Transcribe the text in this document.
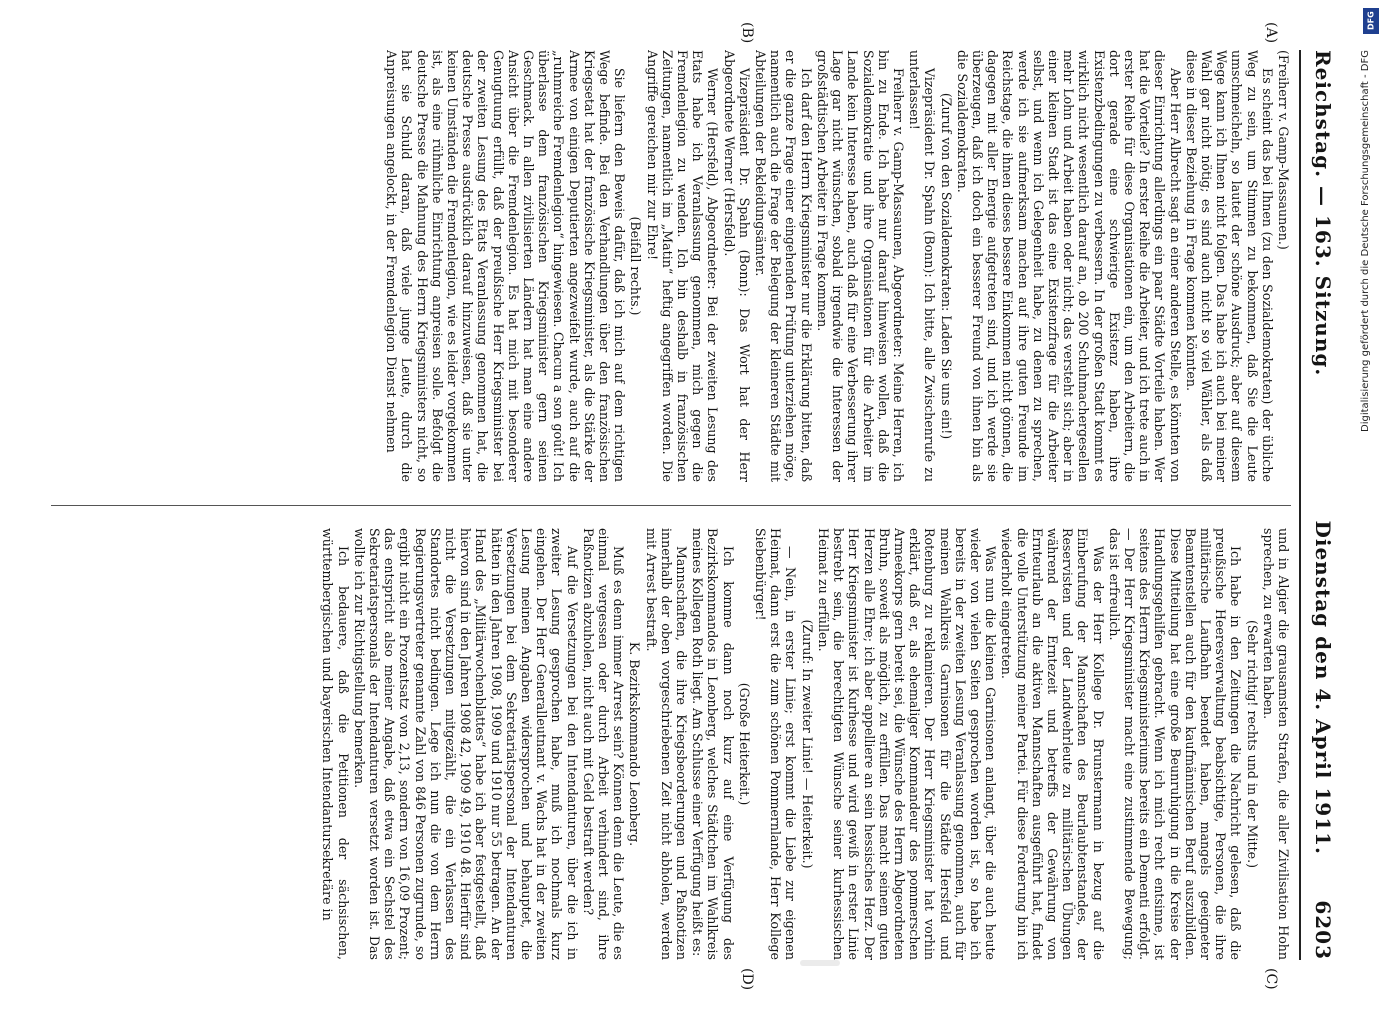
Reichstag. — 163. Sitzung.
Dienstag den 4. April 1911.
6203
(A)
(B)
(C)
(D)

(Freiherr v. Gamp-Massaunen.)

Es scheint das bei Ihnen (zu den Sozialdemokraten) der übliche Weg zu sein, um Stimmen zu bekommen, daß Sie die Leute umschmeicheln, so lautet der schöne Ausdruck; aber auf diesem Wege kann ich Ihnen nicht folgen. Das habe ich auch bei meiner Wahl gar nicht nötig; es sind auch nicht so viel Wähler, als daß diese in dieser Beziehung in Frage kommen könnten.

Aber Herr Albrecht sagt an einer anderen Stelle, es könnten von dieser Einrichtung allerdings ein paar Städte Vorteile haben. Wer hat die Vorteile? In erster Reihe die Arbeiter, und ich trete auch in erster Reihe für diese Organisationen ein, um den Arbeitern, die dort gerade eine schwierige Existenz haben, ihre Existenzbedingungen zu verbessern. In der großen Stadt kommt es wirklich nicht wesentlich darauf an, ob 200 Schuhmachergesellen mehr Lohn und Arbeit haben oder nicht; das versteht sich; aber in einer kleinen Stadt ist das eine Existenzfrage für die Arbeiter selbst, und wenn ich Gelegenheit habe, zu denen zu sprechen, werde ich sie aufmerksam machen auf ihre guten Freunde im Reichstage, die ihnen dieses bessere Einkommen nicht gönnen, die dagegen mit aller Energie aufgetreten sind, und ich werde sie überzeugen, daß ich doch ein besserer Freund von ihnen bin als die Sozialdemokraten.

(Zuruf von den Sozialdemokraten: Laden Sie uns ein!)

Vizepräsident Dr. Spahn (Bonn): Ich bitte, alle Zwischenrufe zu unterlassen!

Freiherr v. Gamp-Massaunen, Abgeordneter: Meine Herren, ich bin zu Ende. Ich habe nur darauf hinweisen wollen, daß die Sozialdemokratie und ihre Organisationen für die Arbeiter im Lande kein Interesse haben, auch daß für eine Verbesserung ihrer Lage gar nicht wünschen, sobald irgendwie die Interessen der großstädtischen Arbeiter in Frage kommen.

Ich darf den Herrn Kriegsminister nur die Erklärung bitten, daß er die ganze Frage einer eingehenden Prüfung unterziehen möge, namentlich auch die Frage der Belegung der kleineren Städte mit Abteilungen der Bekleidungsämter.

Vizepräsident Dr. Spahn (Bonn): Das Wort hat der Herr Abgeordnete Werner (Hersfeld).

Werner (Hersfeld), Abgeordneter: Bei der zweiten Lesung des Etats habe ich Veranlassung genommen, mich gegen die Fremdenlegion zu wenden. Ich bin deshalb in französischen Zeitungen, namentlich im „Matin“ heftig angegriffen worden. Die Angriffe gereichen mir zur Ehre!

(Beifall rechts.)

Sie liefern den Beweis dafür, daß ich mich auf dem richtigen Wege befinde. Bei den Verhandlungen über den französischen Kriegsetat hat der französische Kriegsminister, als die Stärke der Armee von einigen Deputierten angezweifelt wurde, auch auf die „ruhmreiche Fremdenlegion“ hingewiesen. Chacun a son goût! Ich überlasse dem französischen Kriegsminister gern seinen Geschmack. In allen zivilisierten Ländern hat man eine andere Ansicht über die Fremdenlegion. Es hat mich mit besonderer Genugtuung erfüllt, daß der preußische Herr Kriegsminister bei der zweiten Lesung des Etats Veranlassung genommen hat, die deutsche Presse ausdrücklich darauf hinzuweisen, daß sie unter keinen Umständen die Fremdenlegion, wie es leider vorgekommen ist, als eine rühmliche Einrichtung anpreisen solle. Befolgt die deutsche Presse die Mahnung des Herrn Kriegsministers nicht, so hat sie Schuld daran, daß viele junge Leute, durch die Anpreisungen angelockt, in der Fremdenlegion Dienst nehmen

und in Algier die grausamsten Strafen, die aller Zivilisation Hohn sprechen, zu erwarten haben.

(Sehr richtig! rechts und in der Mitte.)

Ich habe in den Zeitungen die Nachricht gelesen, daß die preußische Heeresverwaltung beabsichtige, Personen, die ihre militärische Laufbahn beendet haben, mangels geeigneter Beamtenstellen auch für den kaufmännischen Beruf auszubilden. Diese Mitteilung hat eine große Beunruhigung in die Kreise der Handlungsgehilfen gebracht. Wenn ich mich recht entsinne, ist seitens des Herrn Kriegsministeriums bereits ein Dementi erfolgt. — Der Herr Kriegsminister macht eine zustimmende Bewegung; das ist erfreulich.

Was der Herr Kollege Dr. Brunstermann in bezug auf die Einberufung der Mannschaften des Beurlaubtenstandes, der Reservisten und der Landwehrleute zu militärischen Übungen während der Erntezeit und betreffs der Gewährung von Ernteurlaub an die aktiven Mannschaften ausgeführt hat, findet die volle Unterstützung meiner Partei. Für diese Forderung bin ich wiederholt eingetreten.

Was nun die kleinen Garnisonen anlangt, über die auch heute wieder von vielen Seiten gesprochen worden ist, so habe ich bereits in der zweiten Lesung Veranlassung genommen, auch für meinen Wahlkreis Garnisonen für die Städte Hersfeld und Rotenburg zu reklamieren. Der Herr Kriegsminister hat vorhin erklärt, daß er, als ehemaliger Kommandeur des pommerschen Armeekorps gern bereit sei, die Wünsche des Herrn Abgeordneten Bruhn, soweit als möglich, zu erfüllen. Das macht seinem guten Herzen alle Ehre; ich aber appelliere an sein hessisches Herz. Der Herr Kriegsminister ist Kurhesse und wird gewiß in erster Linie bestrebt sein, die berechtigten Wünsche seiner kurhessischen Heimat zu erfüllen.

(Zuruf: In zweiter Linie! — Heiterkeit.)

— Nein, in erster Linie; erst kommt die Liebe zur eigenen Heimat, dann erst die zum schönen Pommernlande, Herr Kollege Siebenbürger!

(Große Heiterkeit.)

Ich komme dann noch kurz auf eine Verfügung des Bezirkskommandos in Leonberg, welches Städtchen im Wahlkreis meines Kollegen Roth liegt. Am Schlusse einer Verfügung heißt es:

Mannschaften, die ihre Kriegsbeorderungen und Paßnotizen innerhalb der oben vorgeschriebenen Zeit nicht abholen, werden mit Arrest bestraft.

K. Bezirkskommando Leonberg.

Muß es denn immer Arrest sein? Können denn die Leute, die es einmal vergessen oder durch Arbeit verhindert sind, ihre Paßnotizen abzuholen, nicht auch mit Geld bestraft werden?

Auf die Versetzungen bei den Intendanturen, über die ich in zweiter Lesung gesprochen habe, muß ich nochmals kurz eingehen. Der Herr Generalleutnant v. Wachs hat in der zweiten Lesung meinen Angaben widersprochen und behauptet, die Versetzungen bei dem Sekretariatspersonal der Intendanturen hätten in den Jahren 1908, 1909 und 1910 nur 55 betragen. An der Hand des „Militärwochenblattes“ habe ich aber festgestellt, daß hiervon sind in den Jahren 1908 42, 1909 49, 1910 48. Hierfür sind nicht die Versetzungen mitgezählt, die ein Verlassen des Standortes nicht bedingen. Lege ich nun die von dem Herrn Regierungsvertreter genannte Zahl von 846 Personen zugrunde, so ergibt nicht ein Prozentsatz von 2,13, sondern von 16,09 Prozent; das entspricht also meiner Angabe, daß etwa ein Sechstel des Sekretariatspersonals der Intendanturen versetzt worden ist. Das wollte ich zur Richtigstellung bemerken.

Ich bedauere, daß die Petitionen der sächsischen, württembergischen und bayerischen Intendantursekretäre in

DFG
Digitalisierung gefördert durch die Deutsche Forschungsgemeinschaft - DFG
